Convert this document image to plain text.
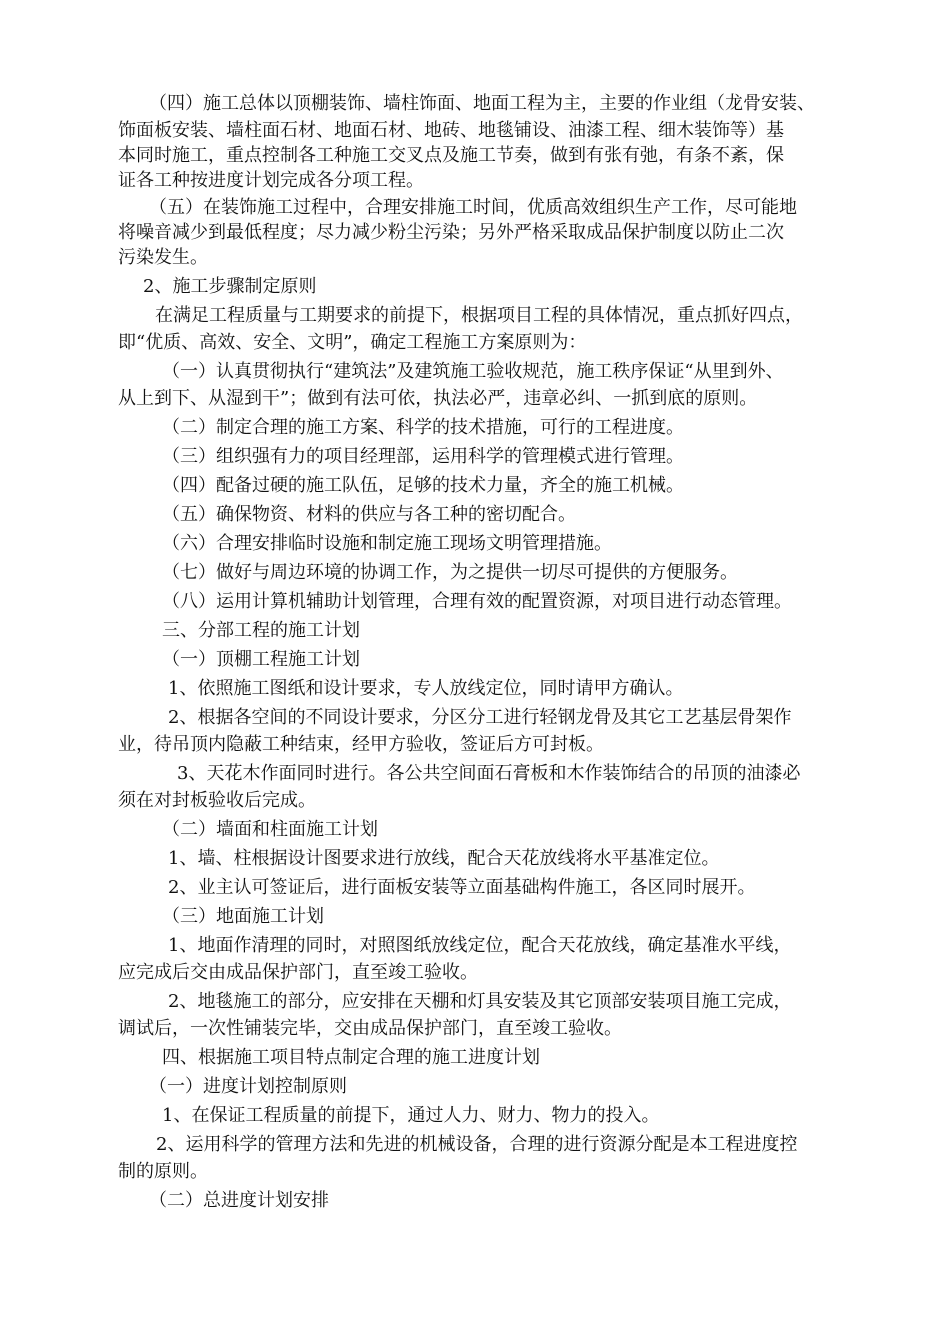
（四）施工总体以顶棚装饰、墙柱饰面、地面工程为主，主要的作业组（龙骨安装、
饰面板安装、墙柱面石材、地面石材、地砖、地毯铺设、油漆工程、细木装饰等）基
本同时施工，重点控制各工种施工交叉点及施工节奏，做到有张有弛，有条不紊，保
证各工种按进度计划完成各分项工程。
（五）在装饰施工过程中，合理安排施工时间，优质高效组织生产工作，尽可能地
将噪音减少到最低程度；尽力减少粉尘污染；另外严格采取成品保护制度以防止二次
污染发生。
2、施工步骤制定原则
在满足工程质量与工期要求的前提下，根据项目工程的具体情况，重点抓好四点，
即“优质、高效、安全、文明”，确定工程施工方案原则为：
（一）认真贯彻执行“建筑法”及建筑施工验收规范，施工秩序保证“从里到外、
从上到下、从湿到干”；做到有法可依，执法必严，违章必纠、一抓到底的原则。
（二）制定合理的施工方案、科学的技术措施，可行的工程进度。
（三）组织强有力的项目经理部，运用科学的管理模式进行管理。
（四）配备过硬的施工队伍，足够的技术力量，齐全的施工机械。
（五）确保物资、材料的供应与各工种的密切配合。
（六）合理安排临时设施和制定施工现场文明管理措施。
（七）做好与周边环境的协调工作，为之提供一切尽可提供的方便服务。
（八）运用计算机辅助计划管理，合理有效的配置资源，对项目进行动态管理。
三、分部工程的施工计划
（一）顶棚工程施工计划
1、依照施工图纸和设计要求，专人放线定位，同时请甲方确认。
2、根据各空间的不同设计要求，分区分工进行轻钢龙骨及其它工艺基层骨架作
业，待吊顶内隐蔽工种结束，经甲方验收，签证后方可封板。
3、天花木作面同时进行。各公共空间面石膏板和木作装饰结合的吊顶的油漆必
须在对封板验收后完成。
（二）墙面和柱面施工计划
1、墙、柱根据设计图要求进行放线，配合天花放线将水平基准定位。
2、业主认可签证后，进行面板安装等立面基础构件施工，各区同时展开。
（三）地面施工计划
1、地面作清理的同时，对照图纸放线定位，配合天花放线，确定基准水平线，
应完成后交由成品保护部门，直至竣工验收。
2、地毯施工的部分，应安排在天棚和灯具安装及其它顶部安装项目施工完成，
调试后，一次性铺装完毕，交由成品保护部门，直至竣工验收。
四、根据施工项目特点制定合理的施工进度计划
（一）进度计划控制原则
1、在保证工程质量的前提下，通过人力、财力、物力的投入。
2、运用科学的管理方法和先进的机械设备，合理的进行资源分配是本工程进度控
制的原则。
（二）总进度计划安排
